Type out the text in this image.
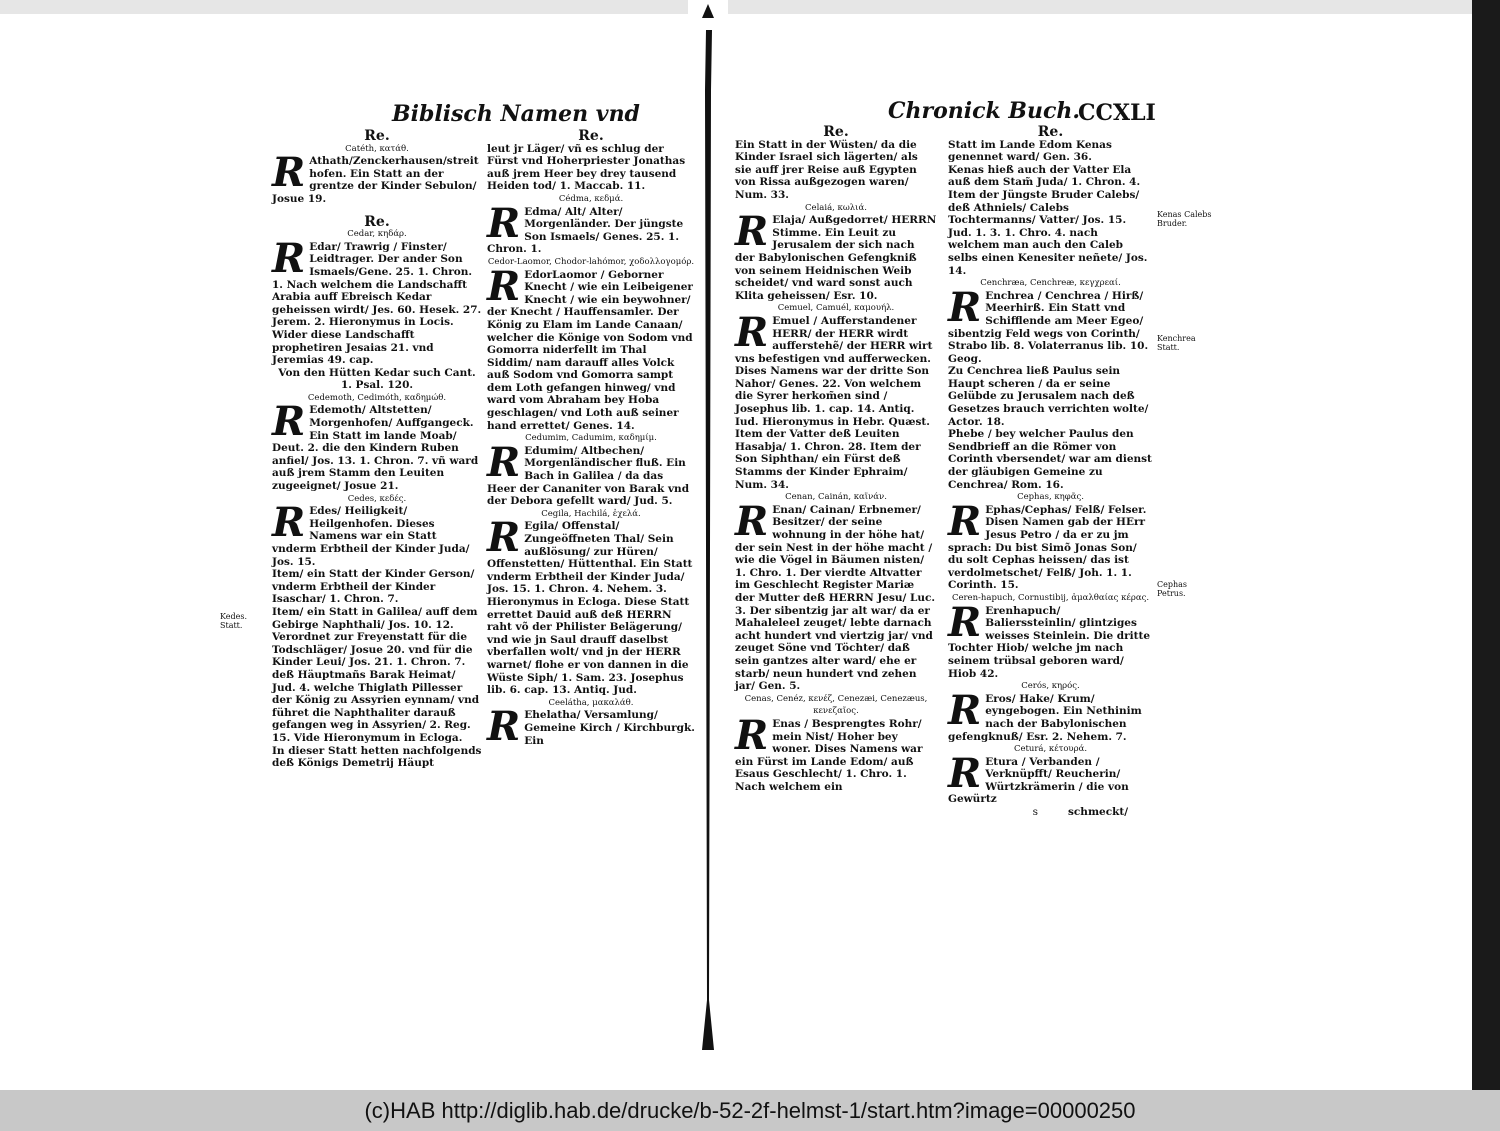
Biblisch Namen vnd	Chronick Buch.
CCXLI

Re.

Catéth, κατάθ.

R Athath/Zenckerhausen/streit hofen. Ein Statt an der grentze der Kinder Sebulon/ Josue 19.

Re.

Cedar, κηδάρ.

R Edar/ Trawrig / Finster/ Leidtrager. Der ander Son Ismaels/Gene. 25. 1. Chron. 1. Nach welchem die Landschafft Arabia auff Ebreisch Kedar geheissen wirdt/ Jes. 60. Hesek. 27. Jerem. 2. Hieronymus in Locis. Wider diese Landschafft prophetiren Jesaias 21. vnd Jeremias 49. cap.

Von den Hütten Kedar such Cant. 1. Psal. 120.

Cedemoth, Cedimóth, καδημώθ.

R Edemoth/ Altstetten/ Morgenhofen/ Auffgangeck. Ein Statt im lande Moab/ Deut. 2. die den Kindern Ruben anfiel/ Jos. 13. 1. Chron. 7. vñ ward auß jrem Stamm den Leuiten zugeeignet/ Josue 21.

Cedes, κεδές.

R Edes/ Heiligkeit/ Heilgenhofen. Dieses Namens war ein Statt vnderm Erbtheil der Kinder Juda/ Jos. 15.

Item/ ein Statt der Kinder Gerson/ vnderm Erbtheil der Kinder Isaschar/ 1. Chron. 7.

Item/ ein Statt in Galilea/ auff dem Gebirge Naphthali/ Jos. 10. 12. Verordnet zur Freyenstatt für die Todschläger/ Josue 20. vnd für die Kinder Leui/ Jos. 21. 1. Chron. 7. deß Häuptmañs Barak Heimat/ Jud. 4. welche Thiglath Pillesser der König zu Assyrien eynnam/ vnd führet die Naphthaliter darauß gefangen weg in Assyrien/ 2. Reg. 15. Vide Hieronymum in Ecloga.

In dieser Statt hetten nachfolgends deß Königs Demetrij Häupt

Kedes. Statt.

Re.

leut jr Läger/ vñ es schlug der Fürst vnd Hoherpriester Jonathas auß jrem Heer bey drey tausend Heiden tod/ 1. Maccab. 11.

Cédma, κεδμά.

R Edma/ Alt/ Alter/ Morgenländer. Der jüngste Son Ismaels/ Genes. 25. 1. Chron. 1.

Cedor-Laomor, Chodor-lahómor, χοδολλογομόρ.

R EdorLaomor / Geborner Knecht / wie ein Leibeigener Knecht / wie ein beywohner/ der Knecht / Hauffensamler. Der König zu Elam im Lande Canaan/ welcher die Könige von Sodom vnd Gomorra niderfellt im Thal Siddim/ nam darauff alles Volck auß Sodom vnd Gomorra sampt dem Loth gefangen hinweg/ vnd ward vom Abraham bey Hoba geschlagen/ vnd Loth auß seiner hand errettet/ Genes. 14.

Cedumim, Cadumim, καδημίμ.

R Edumim/ Altbechen/ Morgenländischer fluß. Ein Bach in Galilea / da das Heer der Cananiter von Barak vnd der Debora gefellt ward/ Jud. 5.

Cegila, Hachilá, ἐχελά.

R Egila/ Offenstal/ Zungeöffneten Thal/ Sein außlösung/ zur Hüren/ Offenstetten/ Hüttenthal. Ein Statt vnderm Erbtheil der Kinder Juda/ Jos. 15. 1. Chron. 4. Nehem. 3. Hieronymus in Ecloga. Diese Statt errettet Dauid auß deß HERRN raht võ der Philister Belägerung/ vnd wie jn Saul drauff daselbst vberfallen wolt/ vnd jn der HERR warnet/ flohe er von dannen in die Wüste Siph/ 1. Sam. 23. Josephus lib. 6. cap. 13. Antiq. Jud.

Ceelátha, μακαλάθ.

R Ehelatha/ Versamlung/ Gemeine Kirch / Kirchburgk. Ein

Re.

Ein Statt in der Wüsten/ da die Kinder Israel sich lägerten/ als sie auff jrer Reise auß Egypten von Rissa außgezogen waren/ Num. 33.

Celaiá, κωλιά.

R Elaja/ Außgedorret/ HERRN Stimme. Ein Leuit zu Jerusalem der sich nach der Babylonischen Gefengkniß von seinem Heidnischen Weib scheidet/ vnd ward sonst auch Klita geheissen/ Esr. 10.

Cemuel, Camuél, καμουήλ.

R Emuel / Aufferstandener HERR/ der HERR wirdt aufferstehẽ/ der HERR wirt vns befestigen vnd aufferwecken. Dises Namens war der dritte Son Nahor/ Genes. 22. Von welchem die Syrer herkom̃en sind / Josephus lib. 1. cap. 14. Antiq. Iud. Hieronymus in Hebr. Quæst.

Item der Vatter deß Leuiten Hasabja/ 1. Chron. 28. Item der Son Siphthan/ ein Fürst deß Stamms der Kinder Ephraim/ Num. 34.

Cenan, Cainán, καϊνάν.

R Enan/ Cainan/ Erbnemer/ Besitzer/ der seine wohnung in der höhe hat/ der sein Nest in der höhe macht / wie die Vögel in Bäumen nisten/ 1. Chro. 1. Der vierdte Altvatter im Geschlecht Register Mariæ der Mutter deß HERRN Jesu/ Luc. 3. Der sibentzig jar alt war/ da er Mahaleleel zeuget/ lebte darnach acht hundert vnd viertzig jar/ vnd zeuget Söne vnd Töchter/ daß sein gantzes alter ward/ ehe er starb/ neun hundert vnd zehen jar/ Gen. 5.

Cenas, Cenéz, κενέζ, Cenezæi, Cenezæus, κενεζαῖος.

R Enas / Besprengtes Rohr/ mein Nist/ Hoher bey woner. Dises Namens war ein Fürst im Lande Edom/ auß Esaus Geschlecht/ 1. Chro. 1. Nach welchem ein

Re.

Statt im Lande Edom Kenas genennet ward/ Gen. 36.

Kenas hieß auch der Vatter Ela auß dem Stam̃ Juda/ 1. Chron. 4.

Item der Jüngste Bruder Calebs/ deß Athniels/ Calebs Tochtermanns/ Vatter/ Jos. 15. Jud. 1. 3. 1. Chro. 4. nach welchem man auch den Caleb selbs einen Kenesiter neñete/ Jos. 14.

Cenchræa, Cenchreæ, κεγχρεαί.

R Enchrea / Cenchrea / Hirß/ Meerhirß. Ein Statt vnd Schifflende am Meer Egeo/ sibentzig Feld wegs von Corinth/ Strabo lib. 8. Volaterranus lib. 10. Geog.

Zu Cenchrea ließ Paulus sein Haupt scheren / da er seine Gelübde zu Jerusalem nach deß Gesetzes brauch verrichten wolte/ Actor. 18.

Phebe / bey welcher Paulus den Sendbrieff an die Römer von Corinth vbersendet/ war am dienst der gläubigen Gemeine zu Cenchrea/ Rom. 16.

Cephas, κηφᾶς.

R Ephas/Cephas/ Felß/ Felser. Disen Namen gab der HErr Jesus Petro / da er zu jm sprach: Du bist Simõ Jonas Son/ du solt Cephas heissen/ das ist verdolmetschet/ Felß/ Joh. 1. 1. Corinth. 15.

Ceren-hapuch, Cornustibij, ἀμαλθαίας κέρας.

R Erenhapuch/ Balierssteinlin/ glintziges weisses Steinlein. Die dritte Tochter Hiob/ welche jm nach seinem trübsal geboren ward/ Hiob 42.

Cerós, κηρός.

R Eros/ Hake/ Krum/ eyngebogen. Ein Nethinim nach der Babylonischen gefengknuß/ Esr. 2. Nehem. 7.

Ceturá, κέτουρά.

R Etura / Verbanden / Verknüpfft/ Reucherin/ Würtzkrämerin / die von Gewürtz

s	schmeckt/

Kenas Calebs Bruder.
Kenchrea Statt.
Cephas Petrus.
(c)HAB http://diglib.hab.de/drucke/b-52-2f-helmst-1/start.htm?image=00000250
